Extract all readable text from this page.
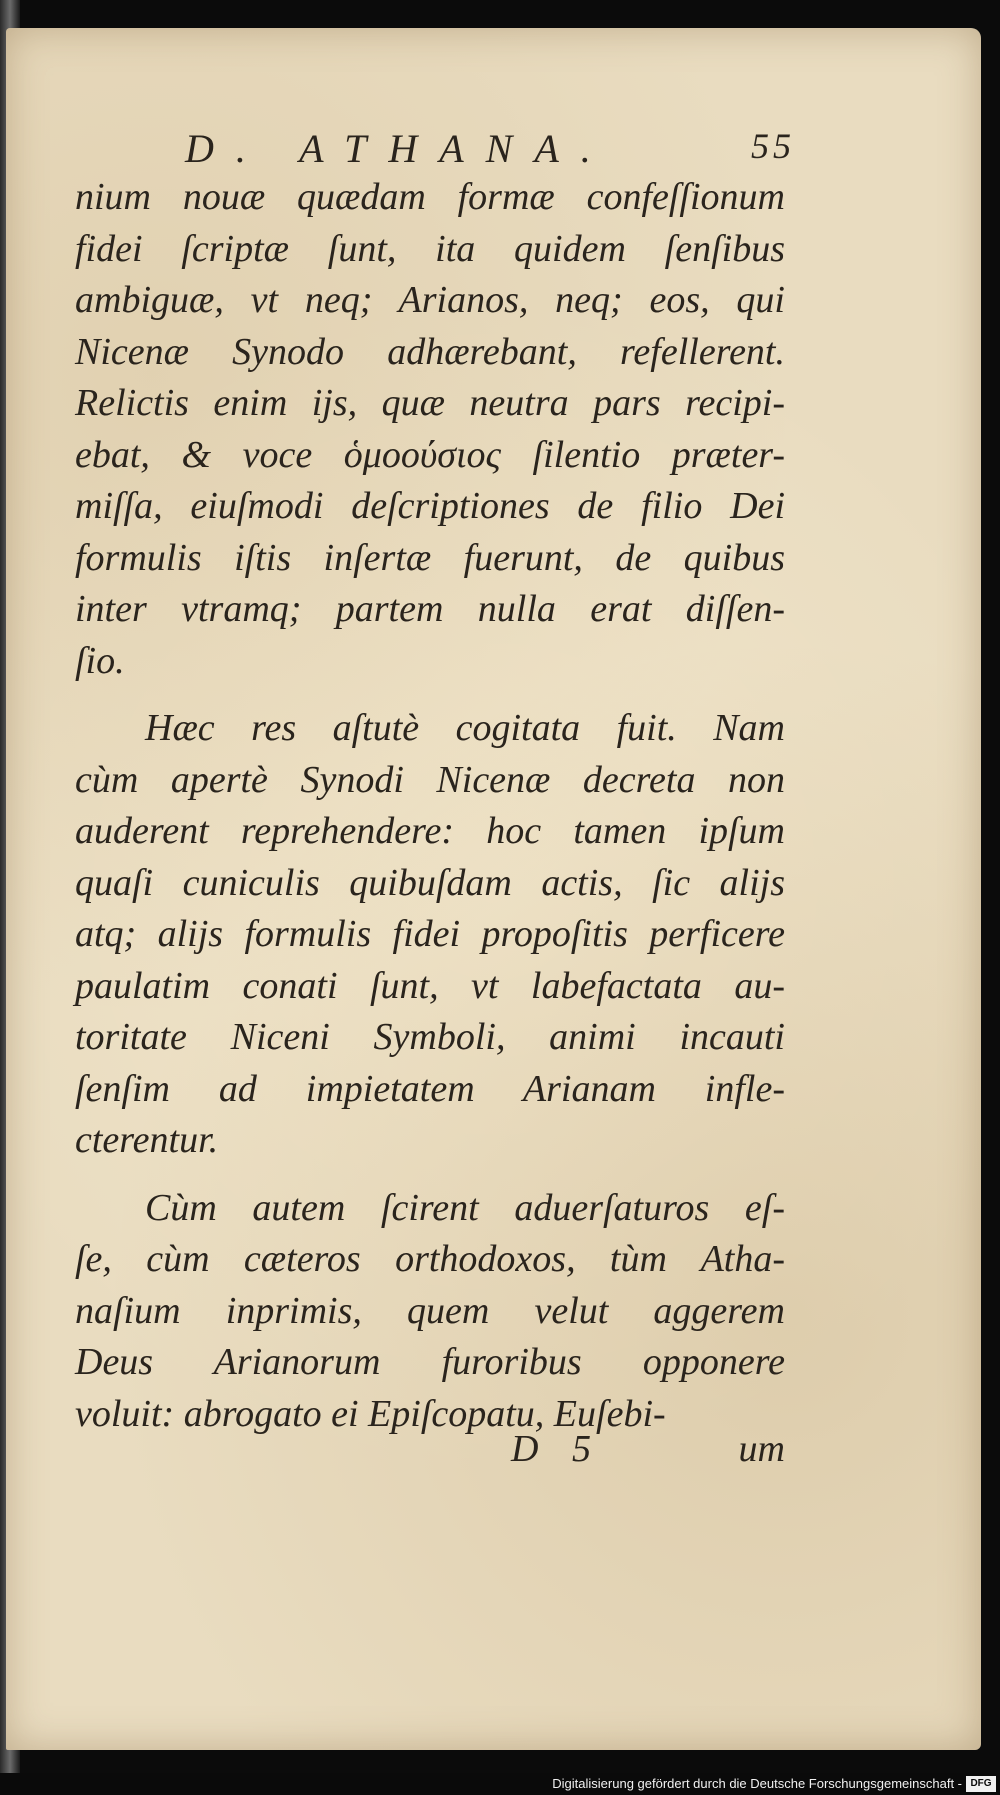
D. ATHANA.	55
nium nouæ quædam formæ confeſſionum
fidei ſcriptæ ſunt, ita quidem ſenſibus
ambiguæ, vt neq; Arianos, neq; eos, qui
Nicenæ Synodo adhærebant, refellerent.
Relictis enim ijs, quæ neutra pars recipi-
ebat, & voce ὁμοούσιος ſilentio præter-
miſſa, eiuſmodi deſcriptiones de filio Dei
formulis iſtis inſertæ fuerunt, de quibus
inter vtramq; partem nulla erat diſſen-
ſio.
Hæc res aſtutè cogitata fuit. Nam
cùm apertè Synodi Nicenæ decreta non
auderent reprehendere: hoc tamen ipſum
quaſi cuniculis quibuſdam actis, ſic alijs
atq; alijs formulis fidei propoſitis perficere
paulatim conati ſunt, vt labefactata au-
toritate Niceni Symboli, animi incauti
ſenſim ad impietatem Arianam infle-
cterentur.
Cùm autem ſcirent aduerſaturos eſ-
ſe, cùm cæteros orthodoxos, tùm Atha-
naſium inprimis, quem velut aggerem
Deus Arianorum furoribus opponere
voluit: abrogato ei Epiſcopatu, Euſebi-
D 5	um
Digitalisierung gefördert durch die Deutsche Forschungsgemeinschaft - DFG
